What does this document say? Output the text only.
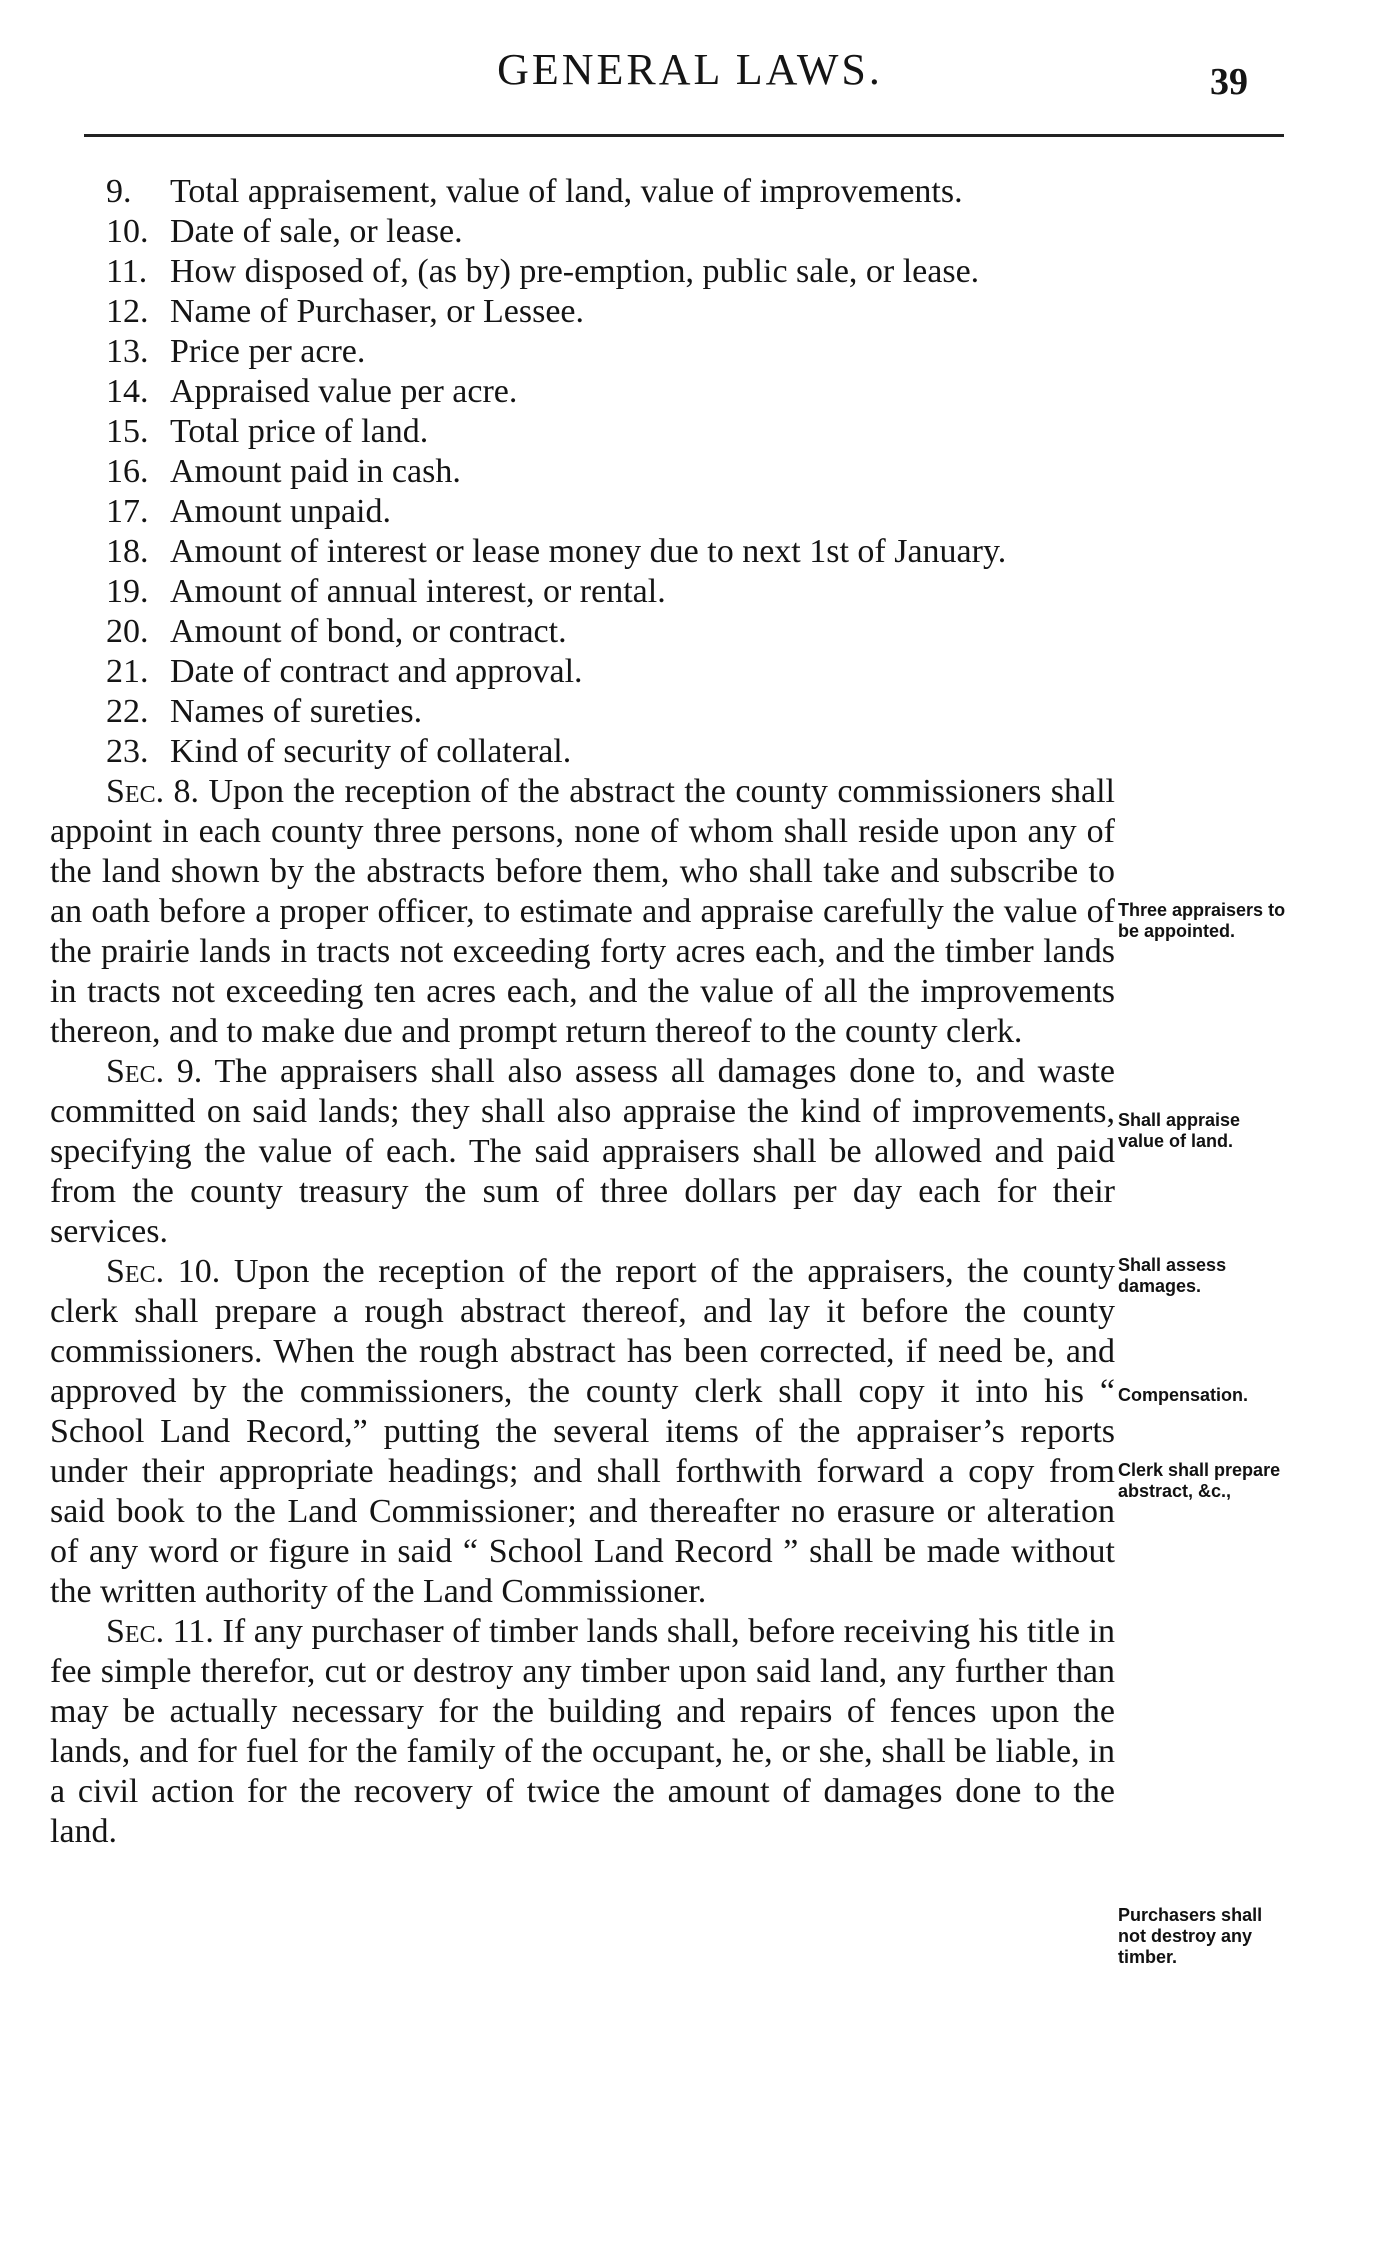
GENERAL LAWS.	39

9. Total appraisement, value of land, value of improvements.

10. Date of sale, or lease.

11. How disposed of, (as by) pre-emption, public sale, or lease.

12. Name of Purchaser, or Lessee.

13. Price per acre.

14. Appraised value per acre.

15. Total price of land.

16. Amount paid in cash.

17. Amount unpaid.

18. Amount of interest or lease money due to next 1st of January.

19. Amount of annual interest, or rental.

20. Amount of bond, or contract.

21. Date of contract and approval.

22. Names of sureties.

23. Kind of security of collateral.

Sec. 8. Upon the reception of the abstract the county commissioners shall appoint in each county three persons, none of whom shall reside upon any of the land shown by the abstracts before them, who shall take and subscribe to an oath before a proper officer, to estimate and appraise carefully the value of the prairie lands in tracts not exceeding forty acres each, and the timber lands in tracts not exceeding ten acres each, and the value of all the improvements thereon, and to make due and prompt return thereof to the county clerk.

Sec. 9. The appraisers shall also assess all damages done to, and waste committed on said lands; they shall also appraise the kind of improvements, specifying the value of each. The said appraisers shall be allowed and paid from the county treasury the sum of three dollars per day each for their services.

Sec. 10. Upon the reception of the report of the appraisers, the county clerk shall prepare a rough abstract thereof, and lay it before the county commissioners. When the rough abstract has been corrected, if need be, and approved by the commissioners, the county clerk shall copy it into his “ School Land Record,” putting the several items of the appraiser’s reports under their appropriate headings; and shall forthwith forward a copy from said book to the Land Commissioner; and thereafter no erasure or alteration of any word or figure in said “ School Land Record ” shall be made without the written authority of the Land Commissioner.

Sec. 11. If any purchaser of timber lands shall, before receiving his title in fee simple therefor, cut or destroy any timber upon said land, any further than may be actually necessary for the building and repairs of fences upon the lands, and for fuel for the family of the occupant, he, or she, shall be liable, in a civil action for the recovery of twice the amount of damages done to the land.

Three appraisers to be appointed.
Shall appraise value of land.
Shall assess damages.
Compensation.
Clerk shall prepare abstract, &c.,
Purchasers shall not destroy any timber.
